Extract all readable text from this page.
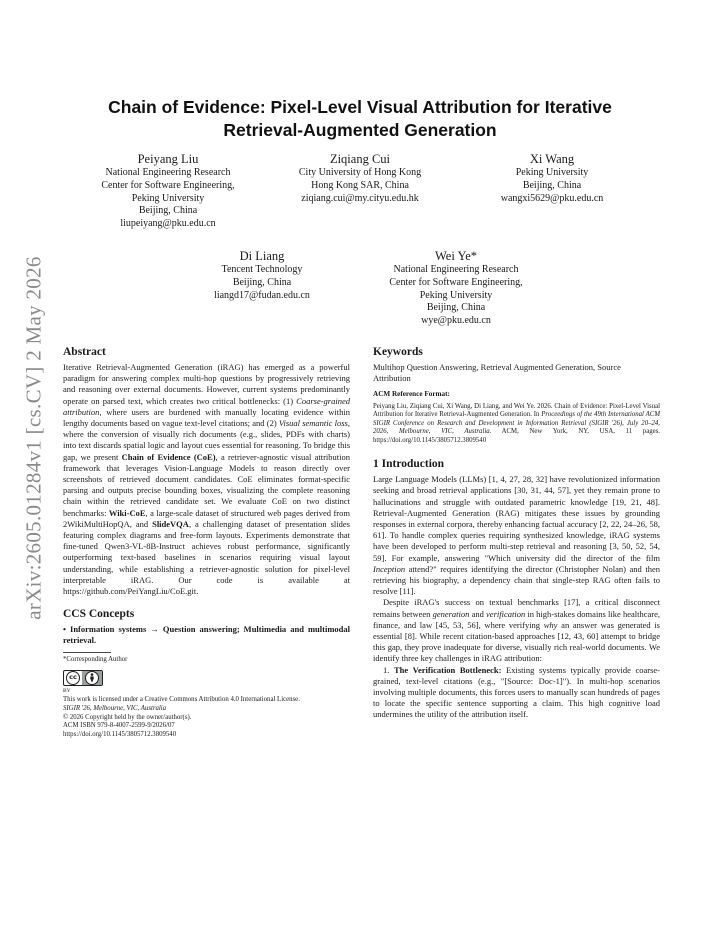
arXiv:2605.01284v1 [cs.CV] 2 May 2026
Chain of Evidence: Pixel-Level Visual Attribution for Iterative Retrieval-Augmented Generation
Peiyang Liu
National Engineering Research
Center for Software Engineering,
Peking University
Beijing, China
liupeiyang@pku.edu.cn
Ziqiang Cui
City University of Hong Kong
Hong Kong SAR, China
ziqiang.cui@my.cityu.edu.hk
Xi Wang
Peking University
Beijing, China
wangxi5629@pku.edu.cn
Di Liang
Tencent Technology
Beijing, China
liangd17@fudan.edu.cn
Wei Ye*
National Engineering Research
Center for Software Engineering,
Peking University
Beijing, China
wye@pku.edu.cn
Abstract

Iterative Retrieval-Augmented Generation (iRAG) has emerged as a powerful paradigm for answering complex multi-hop questions by progressively retrieving and reasoning over external documents. However, current systems predominantly operate on parsed text, which creates two critical bottlenecks: (1) Coarse-grained attribution, where users are burdened with manually locating evidence within lengthy documents based on vague text-level citations; and (2) Visual semantic loss, where the conversion of visually rich documents (e.g., slides, PDFs with charts) into text discards spatial logic and layout cues essential for reasoning. To bridge this gap, we present Chain of Evidence (CoE), a retriever-agnostic visual attribution framework that leverages Vision-Language Models to reason directly over screenshots of retrieved document candidates. CoE eliminates format-specific parsing and outputs precise bounding boxes, visualizing the complete reasoning chain within the retrieved candidate set. We evaluate CoE on two distinct benchmarks: Wiki-CoE, a large-scale dataset of structured web pages derived from 2WikiMultiHopQA, and SlideVQA, a challenging dataset of presentation slides featuring complex diagrams and free-form layouts. Experiments demonstrate that fine-tuned Qwen3-VL-8B-Instruct achieves robust performance, significantly outperforming text-based baselines in scenarios requiring visual layout understanding, while establishing a retriever-agnostic solution for pixel-level interpretable iRAG. Our code is available at https://github.com/PeiYangLiu/CoE.git.

CCS Concepts

• Information systems → Question answering; Multimedia and multimodal retrieval.

*Corresponding Author
cc
BY
This work is licensed under a Creative Commons Attribution 4.0 International License.
SIGIR '26, Melbourne, VIC, Australia
© 2026 Copyright held by the owner/author(s).
ACM ISBN 979-8-4007-2599-9/2026/07
https://doi.org/10.1145/3805712.3809540
Keywords

Multihop Question Answering, Retrieval Augmented Generation, Source Attribution

ACM Reference Format:

Peiyang Liu, Ziqiang Cui, Xi Wang, Di Liang, and Wei Ye. 2026. Chain of Evidence: Pixel-Level Visual Attribution for Iterative Retrieval-Augmented Generation. In Proceedings of the 49th International ACM SIGIR Conference on Research and Development in Information Retrieval (SIGIR '26), July 20–24, 2026, Melbourne, VIC, Australia. ACM, New York, NY, USA, 11 pages. https://doi.org/10.1145/3805712.3809540

1 Introduction

Large Language Models (LLMs) [1, 4, 27, 28, 32] have revolutionized information seeking and broad retrieval applications [30, 31, 44, 57], yet they remain prone to hallucinations and struggle with outdated parametric knowledge [19, 21, 48]. Retrieval-Augmented Generation (RAG) mitigates these issues by grounding responses in external corpora, thereby enhancing factual accuracy [2, 22, 24–26, 58, 61]. To handle complex queries requiring synthesized knowledge, iRAG systems have been developed to perform multi-step retrieval and reasoning [3, 50, 52, 54, 59]. For example, answering "Which university did the director of the film Inception attend?" requires identifying the director (Christopher Nolan) and then retrieving his biography, a dependency chain that single-step RAG often fails to resolve [11].

Despite iRAG's success on textual benchmarks [17], a critical disconnect remains between generation and verification in high-stakes domains like healthcare, finance, and law [45, 53, 56], where verifying why an answer was generated is essential [8]. While recent citation-based approaches [12, 43, 60] attempt to bridge this gap, they prove inadequate for diverse, visually rich real-world documents. We identify three key challenges in iRAG attribution:

1. The Verification Bottleneck: Existing systems typically provide coarse-grained, text-level citations (e.g., "[Source: Doc-1]"). In multi-hop scenarios involving multiple documents, this forces users to manually scan hundreds of pages to locate the specific sentence supporting a claim. This high cognitive load undermines the utility of the attribution itself.
